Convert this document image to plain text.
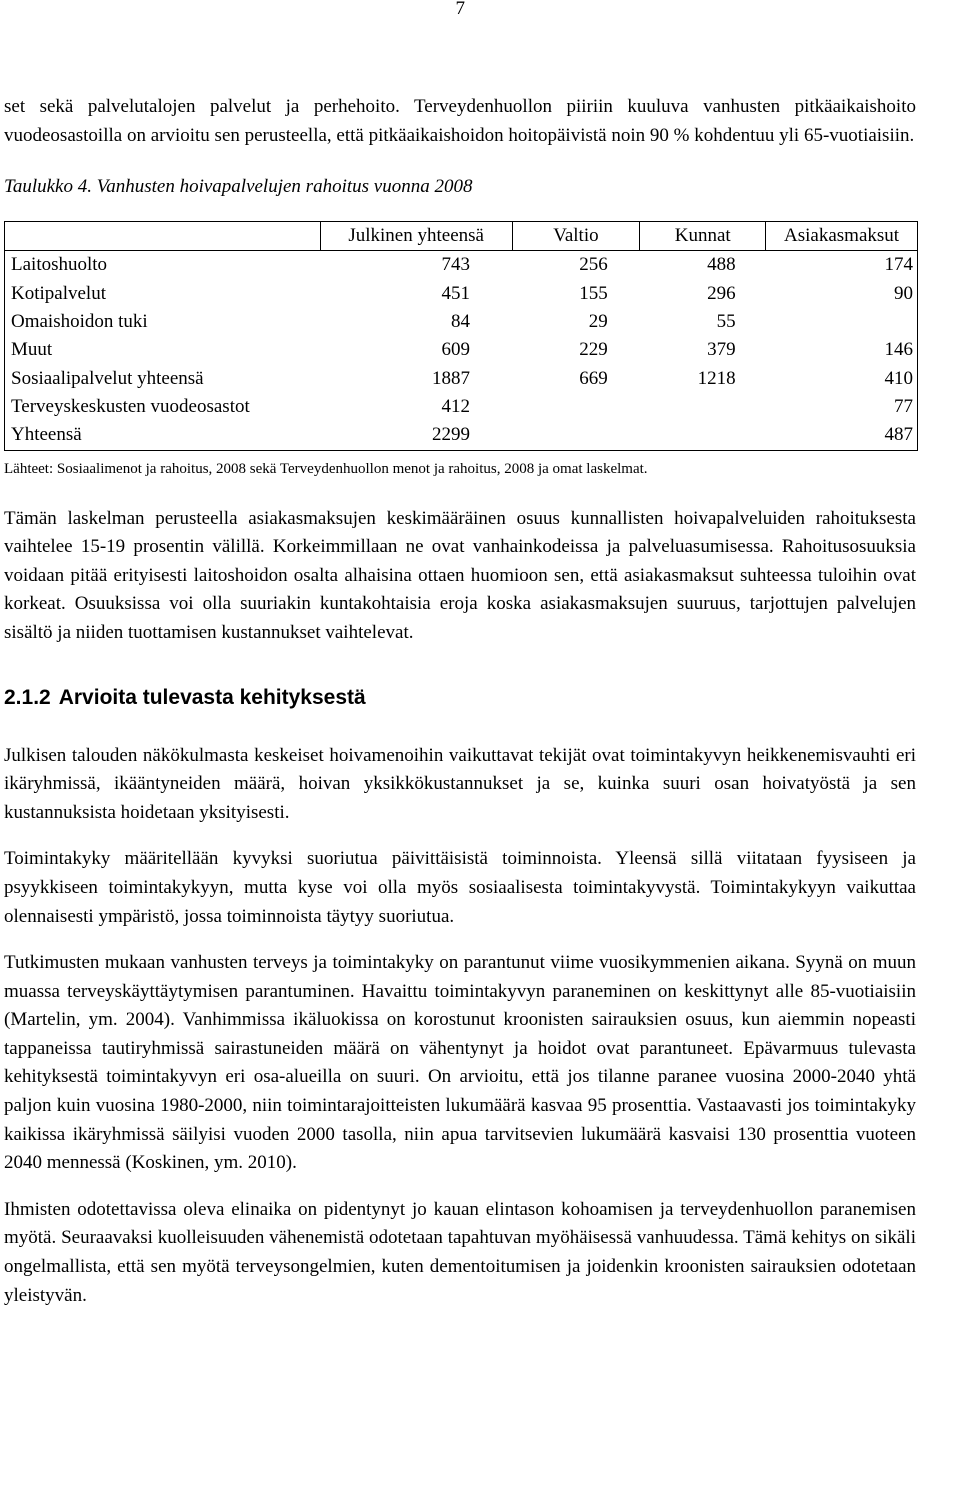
7

set sekä palvelutalojen palvelut ja perhehoito. Terveydenhuollon piiriin kuuluva vanhusten pitkäaikaishoito vuodeosastoilla on arvioitu sen perusteella, että pitkäaikaishoidon hoitopäivistä noin 90 % kohdentuu yli 65-vuotiaisiin.

Taulukko 4. Vanhusten hoivapalvelujen rahoitus vuonna 2008
	Julkinen yhteensä	Valtio	Kunnat	Asiakasmaksut
Laitoshuolto	743	256	488	174
Kotipalvelut	451	155	296	90
Omaishoidon tuki	84	29	55	
Muut	609	229	379	146
Sosiaalipalvelut yhteensä	1887	669	1218	410
Terveyskeskusten vuodeosastot	412			77
Yhteensä	2299			487
Lähteet: Sosiaalimenot ja rahoitus, 2008 sekä Terveydenhuollon menot ja rahoitus, 2008 ja omat laskelmat.

Tämän laskelman perusteella asiakasmaksujen keskimääräinen osuus kunnallisten hoivapalveluiden rahoituksesta vaihtelee 15-19 prosentin välillä. Korkeimmillaan ne ovat vanhainkodeissa ja palveluasumisessa. Rahoitusosuuksia voidaan pitää erityisesti laitoshoidon osalta alhaisina ottaen huomioon sen, että asiakasmaksut suhteessa tuloihin ovat korkeat. Osuuksissa voi olla suuriakin kuntakohtaisia eroja koska asiakasmaksujen suuruus, tarjottujen palvelujen sisältö ja niiden tuottamisen kustannukset vaihtelevat.

2.1.2 Arvioita tulevasta kehityksestä

Julkisen talouden näkökulmasta keskeiset hoivamenoihin vaikuttavat tekijät ovat toimintakyvyn heikkenemisvauhti eri ikäryhmissä, ikääntyneiden määrä, hoivan yksikkökustannukset ja se, kuinka suuri osan hoivatyöstä ja sen kustannuksista hoidetaan yksityisesti.

Toimintakyky määritellään kyvyksi suoriutua päivittäisistä toiminnoista. Yleensä sillä viitataan fyysiseen ja psyykkiseen toimintakykyyn, mutta kyse voi olla myös sosiaalisesta toimintakyvystä. Toimintakykyyn vaikuttaa olennaisesti ympäristö, jossa toiminnoista täytyy suoriutua.

Tutkimusten mukaan vanhusten terveys ja toimintakyky on parantunut viime vuosikymmenien aikana. Syynä on muun muassa terveyskäyttäytymisen parantuminen. Havaittu toimintakyvyn paraneminen on keskittynyt alle 85-vuotiaisiin (Martelin, ym. 2004). Vanhimmissa ikäluokissa on korostunut kroonisten sairauksien osuus, kun aiemmin nopeasti tappaneissa tautiryhmissä sairastuneiden määrä on vähentynyt ja hoidot ovat parantuneet. Epävarmuus tulevasta kehityksestä toimintakyvyn eri osa-alueilla on suuri. On arvioitu, että jos tilanne paranee vuosina 2000-2040 yhtä paljon kuin vuosina 1980-2000, niin toimintarajoitteisten lukumäärä kasvaa 95 prosenttia. Vastaavasti jos toimintakyky kaikissa ikäryhmissä säilyisi vuoden 2000 tasolla, niin apua tarvitsevien lukumäärä kasvaisi 130 prosenttia vuoteen 2040 mennessä (Koskinen, ym. 2010).

Ihmisten odotettavissa oleva elinaika on pidentynyt jo kauan elintason kohoamisen ja terveydenhuollon paranemisen myötä. Seuraavaksi kuolleisuuden vähenemistä odotetaan tapahtuvan myöhäisessä vanhuudessa. Tämä kehitys on sikäli ongelmallista, että sen myötä terveysongelmien, kuten dementoitumisen ja joidenkin kroonisten sairauksien odotetaan yleistyvän.
